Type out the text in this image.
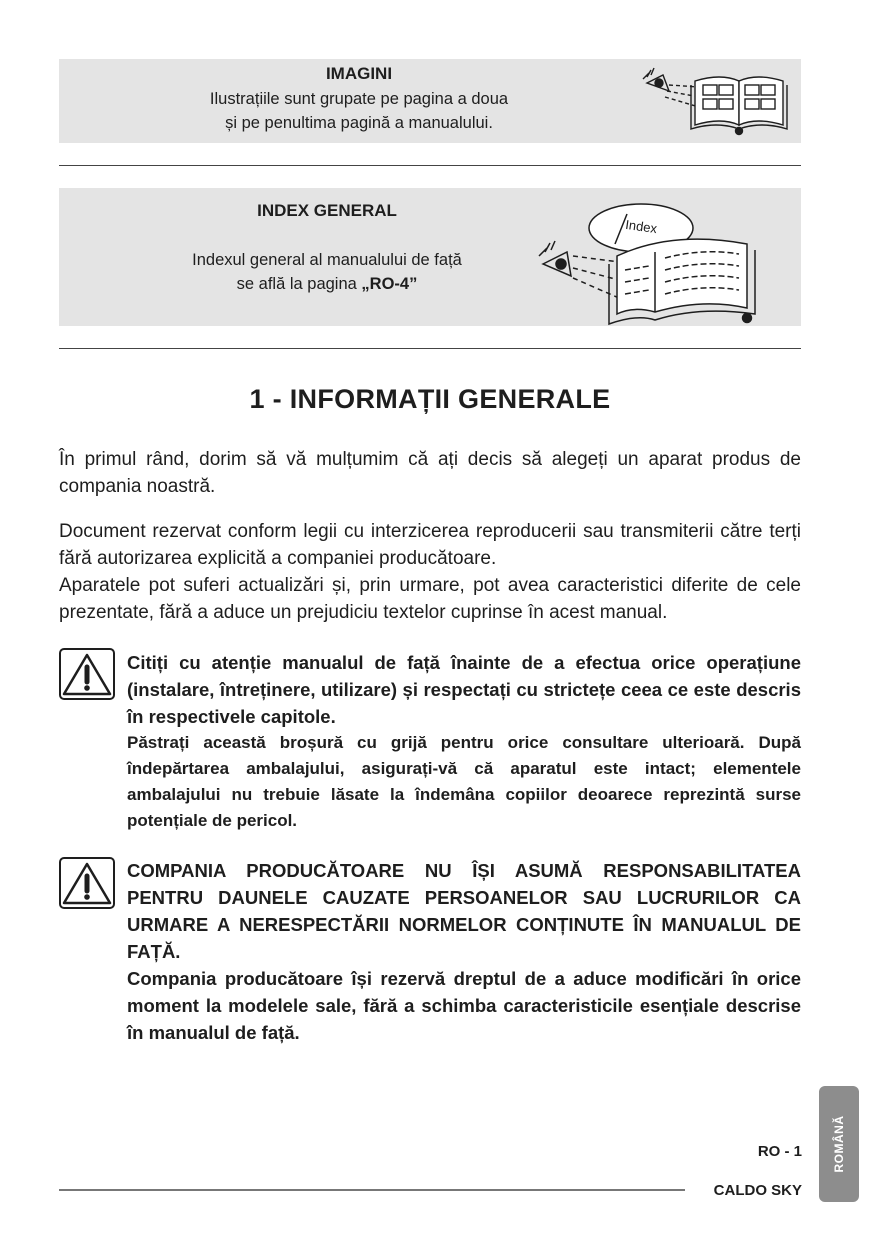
IMAGINI
Ilustrațiile sunt grupate pe pagina a doua
și pe penultima pagină a manualului.
INDEX GENERAL
Indexul general al manualului de față
se află la pagina „RO-4”
Index
1 - INFORMAȚII GENERALE

În primul rând, dorim să vă mulțumim că ați decis să alegeți un aparat produs de compania noastră.

Document rezervat conform legii cu interzicerea reproducerii sau transmiterii către terți fără autorizarea explicită a companiei producătoare.

Aparatele pot suferi actualizări și, prin urmare, pot avea caracteristici diferite de cele prezentate, fără a aduce un prejudiciu textelor cuprinse în acest manual.

Citiți cu atenție manualul de față înainte de a efectua orice operațiune (instalare, întreținere, utilizare) și respectați cu strictețe ceea ce este descris în respectivele capitole.
Păstrați această broșură cu grijă pentru orice consultare ulterioară. După îndepărtarea ambalajului, asigurați-vă că aparatul este intact; elementele ambalajului nu trebuie lăsate la îndemâna copiilor deoarece reprezintă surse potențiale de pericol.
COMPANIA PRODUCĂTOARE NU ÎȘI ASUMĂ RESPONSABILITATEA PENTRU DAUNELE CAUZATE PERSOANELOR SAU LUCRURILOR CA URMARE A NERESPECTĂRII NORMELOR CONȚINUTE ÎN MANUALUL DE FAȚĂ.
Compania producătoare își rezervă dreptul de a aduce modificări în orice moment la modelele sale, fără a schimba caracteristicile esențiale descrise în manualul de față.
RO - 1
CALDO SKY
ROMÂNĂ
